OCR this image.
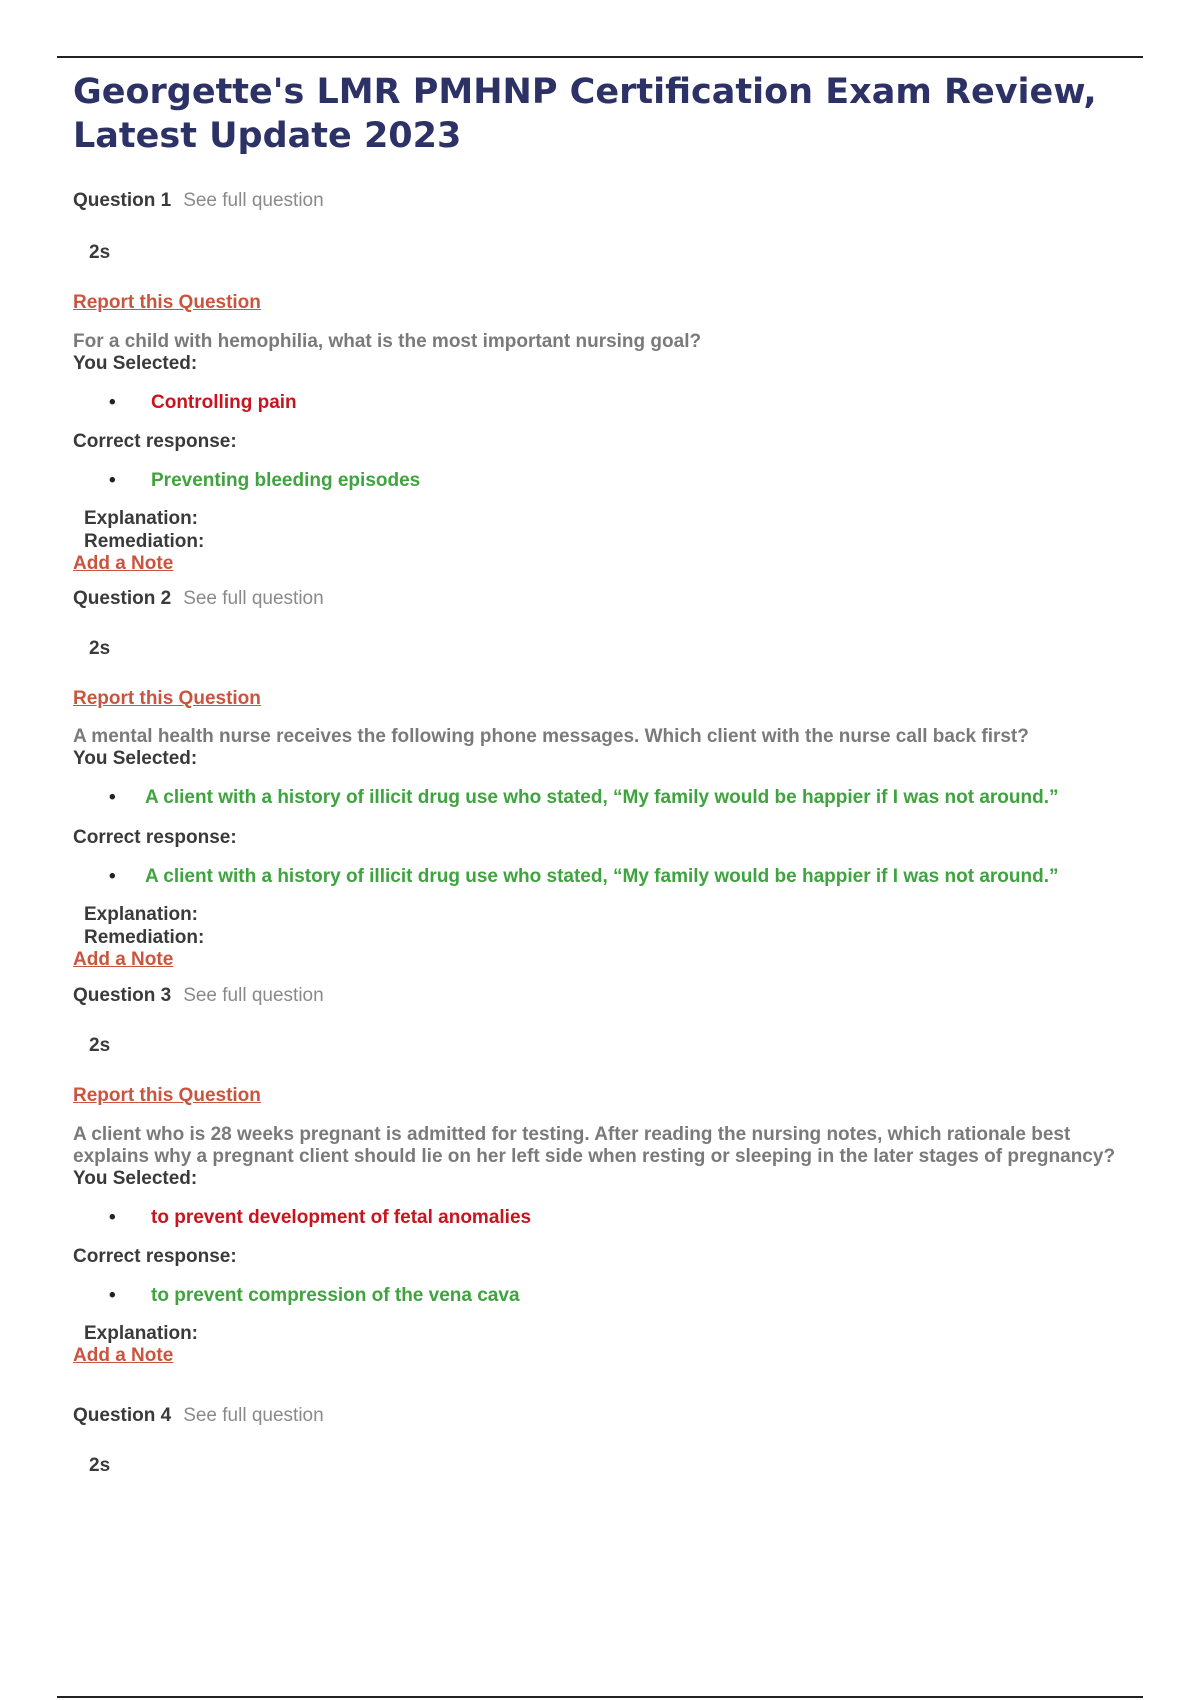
Georgette's LMR PMHNP Certification Exam Review, Latest Update 2023
Question 1 See full question
2s
Report this Question
For a child with hemophilia, what is the most important nursing goal?
You Selected:
• Controlling pain
Correct response:
• Preventing bleeding episodes
Explanation:
Remediation:
Add a Note
Question 2 See full question
2s
Report this Question
A mental health nurse receives the following phone messages. Which client with the nurse call back first?
You Selected:
• A client with a history of illicit drug use who stated, “My family would be happier if I was not around.”
Correct response:
• A client with a history of illicit drug use who stated, “My family would be happier if I was not around.”
Explanation:
Remediation:
Add a Note
Question 3 See full question
2s
Report this Question
A client who is 28 weeks pregnant is admitted for testing. After reading the nursing notes, which rationale best explains why a pregnant client should lie on her left side when resting or sleeping in the later stages of pregnancy?
You Selected:
• to prevent development of fetal anomalies
Correct response:
• to prevent compression of the vena cava
Explanation:
Add a Note
Question 4 See full question
2s
